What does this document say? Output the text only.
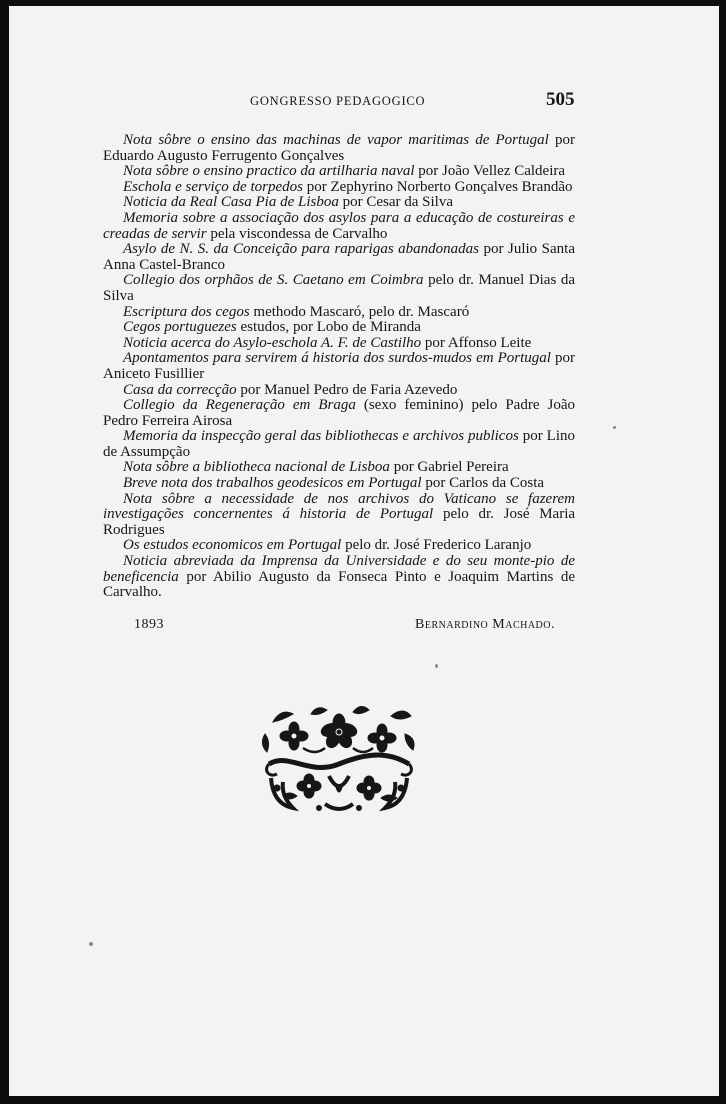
GONGRESSO PEDAGOGICO	505
Nota sôbre o ensino das machinas de vapor maritimas de Portugal por Eduardo Augusto Ferrugento Gonçalves
Nota sôbre o ensino practico da artilharia naval por João Vellez Caldeira
Eschola e serviço de torpedos por Zephyrino Norberto Gonçalves Brandão
Noticia da Real Casa Pia de Lisboa por Cesar da Silva
Memoria sobre a associação dos asylos para a educação de costureiras e creadas de servir pela viscondessa de Carvalho
Asylo de N. S. da Conceição para raparigas abandonadas por Julio Santa Anna Castel-Branco
Collegio dos orphãos de S. Caetano em Coimbra pelo dr. Manuel Dias da Silva
Escriptura dos cegos methodo Mascaró, pelo dr. Mascaró
Cegos portuguezes estudos, por Lobo de Miranda
Noticia acerca do Asylo-eschola A. F. de Castilho por Affonso Leite
Apontamentos para servirem á historia dos surdos-mudos em Portugal por Aniceto Fusillier
Casa da correcção por Manuel Pedro de Faria Azevedo
Collegio da Regeneração em Braga (sexo feminino) pelo Padre João Pedro Ferreira Airosa
Memoria da inspecção geral das bibliothecas e archivos publicos por Lino de Assumpção
Nota sôbre a bibliotheca nacional de Lisboa por Gabriel Pereira
Breve nota dos trabalhos geodesicos em Portugal por Carlos da Costa
Nota sôbre a necessidade de nos archivos do Vaticano se fazerem investigações concernentes á historia de Portugal pelo dr. José Maria Rodrigues
Os estudos economicos em Portugal pelo dr. José Frederico Laranjo
Noticia abreviada da Imprensa da Universidade e do seu monte-pio de beneficencia por Abilio Augusto da Fonseca Pinto e Joaquim Martins de Carvalho.
1893	Bernardino Machado.
